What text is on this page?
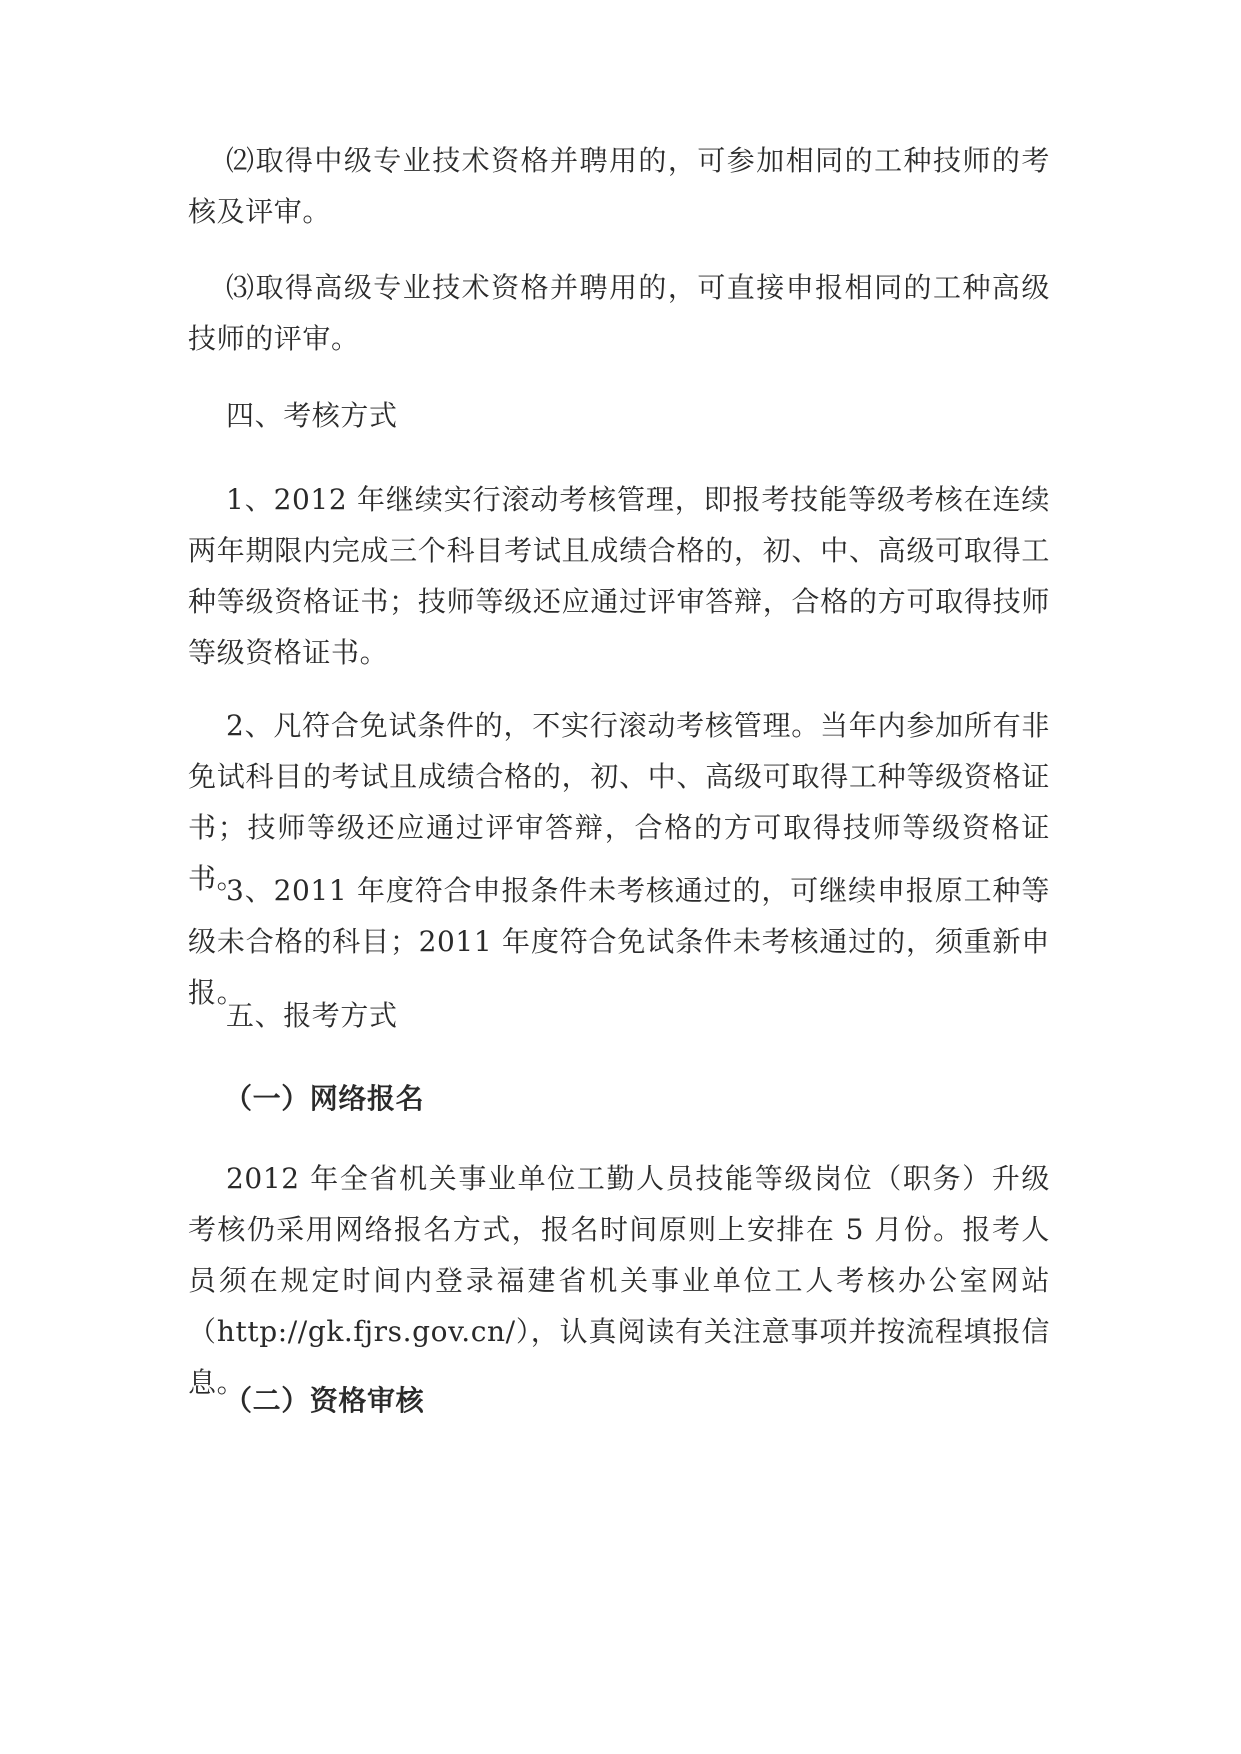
⑵取得中级专业技术资格并聘用的，可参加相同的工种技师的考核及评审。

⑶取得高级专业技术资格并聘用的，可直接申报相同的工种高级技师的评审。

四、考核方式

1、2012 年继续实行滚动考核管理，即报考技能等级考核在连续两年期限内完成三个科目考试且成绩合格的，初、中、高级可取得工种等级资格证书；技师等级还应通过评审答辩，合格的方可取得技师等级资格证书。

2、凡符合免试条件的，不实行滚动考核管理。当年内参加所有非免试科目的考试且成绩合格的，初、中、高级可取得工种等级资格证书；技师等级还应通过评审答辩，合格的方可取得技师等级资格证书。

3、2011 年度符合申报条件未考核通过的，可继续申报原工种等级未合格的科目；2011 年度符合免试条件未考核通过的，须重新申报。

五、报考方式

（一）网络报名

2012 年全省机关事业单位工勤人员技能等级岗位（职务）升级考核仍采用网络报名方式，报名时间原则上安排在 5 月份。报考人员须在规定时间内登录福建省机关事业单位工人考核办公室网站（http://gk.fjrs.gov.cn/），认真阅读有关注意事项并按流程填报信息。

（二）资格审核
